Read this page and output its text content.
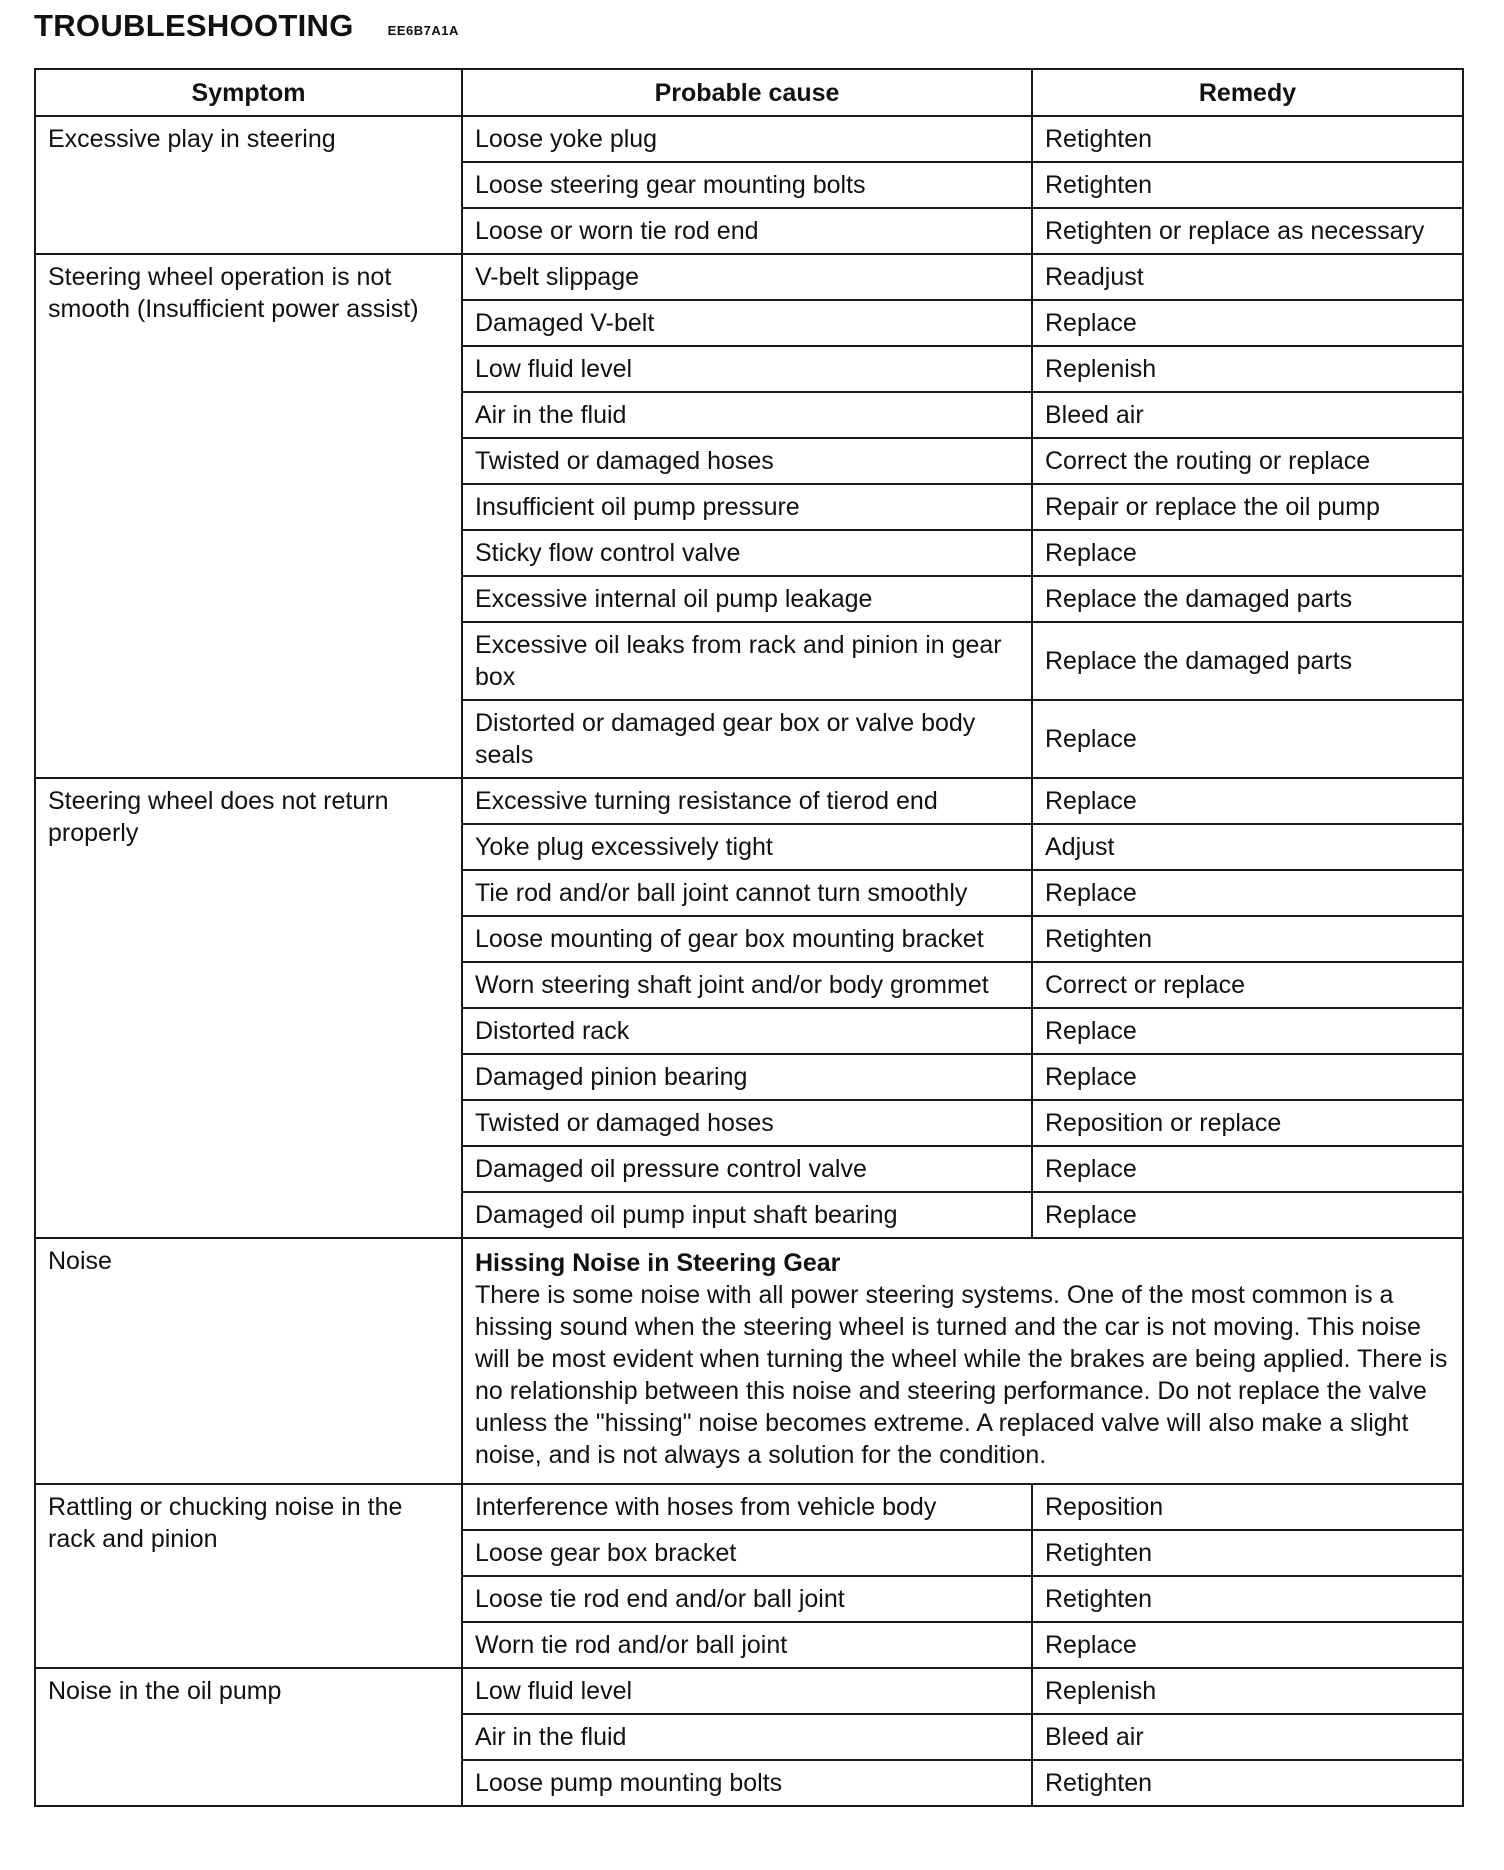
TROUBLESHOOTING	EE6B7A1A
Symptom	Probable cause	Remedy
Excessive play in steering	Loose yoke plug	Retighten
	Loose steering gear mounting bolts	Retighten
	Loose or worn tie rod end	Retighten or replace as necessary
Steering wheel operation is not smooth (Insufficient power assist)	V-belt slippage	Readjust
	Damaged V-belt	Replace
	Low fluid level	Replenish
	Air in the fluid	Bleed air
	Twisted or damaged hoses	Correct the routing or replace
	Insufficient oil pump pressure	Repair or replace the oil pump
	Sticky flow control valve	Replace
	Excessive internal oil pump leakage	Replace the damaged parts
	Excessive oil leaks from rack and pinion in gear box	Replace the damaged parts
	Distorted or damaged gear box or valve body seals	Replace
Steering wheel does not return properly	Excessive turning resistance of tierod end	Replace
	Yoke plug excessively tight	Adjust
	Tie rod and/or ball joint cannot turn smoothly	Replace
	Loose mounting of gear box mounting bracket	Retighten
	Worn steering shaft joint and/or body grommet	Correct or replace
	Distorted rack	Replace
	Damaged pinion bearing	Replace
	Twisted or damaged hoses	Reposition or replace
	Damaged oil pressure control valve	Replace
	Damaged oil pump input shaft bearing	Replace
Noise	Hissing Noise in Steering Gear
There is some noise with all power steering systems. One of the most common is a hissing sound when the steering wheel is turned and the car is not moving. This noise will be most evident when turning the wheel while the brakes are being applied. There is no relationship between this noise and steering performance. Do not replace the valve unless the "hissing" noise becomes extreme. A replaced valve will also make a slight noise, and is not always a solution for the condition.	

Rattling or chucking noise in the rack and pinion	Interference with hoses from vehicle body	Reposition
	Loose gear box bracket	Retighten
	Loose tie rod end and/or ball joint	Retighten
	Worn tie rod and/or ball joint	Replace
Noise in the oil pump	Low fluid level	Replenish
	Air in the fluid	Bleed air
	Loose pump mounting bolts	Retighten
